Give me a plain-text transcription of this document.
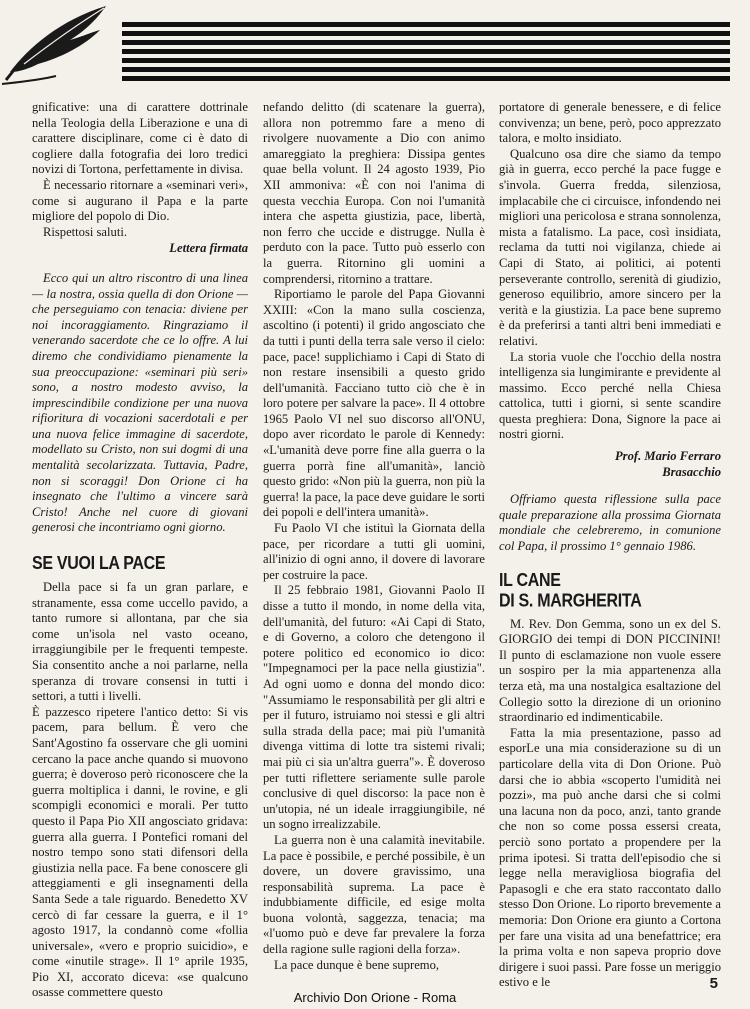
gnificative: una di carattere dottrinale nella Teologia della Liberazione e una di carattere disciplinare, come ci è dato di cogliere dalla fotografia dei loro tredici novizi di Tortona, perfettamente in divisa.

È necessario ritornare a «seminari veri», come si augurano il Papa e la parte migliore del popolo di Dio.

Rispettosi saluti.

Lettera firmata

Ecco qui un altro riscontro di una linea — la nostra, ossia quella di don Orione — che perseguiamo con tenacia: diviene per noi incoraggiamento. Ringraziamo il venerando sacerdote che ce lo offre. A lui diremo che condividiamo pienamente la sua preoccupazione: «seminari più seri» sono, a nostro modesto avviso, la imprescindibile condizione per una nuova rifioritura di vocazioni sacerdotali e per una nuova felice immagine di sacerdote, modellato su Cristo, non sui dogmi di una mentalità secolarizzata. Tuttavia, Padre, non si scoraggi! Don Orione ci ha insegnato che l'ultimo a vincere sarà Cristo! Anche nel cuore di giovani generosi che incontriamo ogni giorno.

SE VUOI LA PACE

Della pace si fa un gran parlare, e stranamente, essa come uccello pavido, a tanto rumore si allontana, par che sia come un'isola nel vasto oceano, irraggiungibile per le frequenti tempeste. Sia consentito anche a noi parlarne, nella speranza di trovare consensi in tutti i settori, a tutti i livelli.

È pazzesco ripetere l'antico detto: Si vis pacem, para bellum. È vero che Sant'Agostino fa osservare che gli uomini cercano la pace anche quando si muovono guerra; è doveroso però riconoscere che la guerra moltiplica i danni, le rovine, e gli scompigli economici e morali. Per tutto questo il Papa Pio XII angosciato gridava: guerra alla guerra. I Pontefici romani del nostro tempo sono stati difensori della giustizia nella pace. Fa bene conoscere gli atteggiamenti e gli insegnamenti della Santa Sede a tale riguardo. Benedetto XV cercò di far cessare la guerra, e il 1° agosto 1917, la condannò come «follia universale», «vero e proprio suicidio», e come «inutile strage». Il 1° aprile 1935, Pio XI, accorato diceva: «se qualcuno osasse commettere questo

nefando delitto (di scatenare la guerra), allora non potremmo fare a meno di rivolgere nuovamente a Dio con animo amareggiato la preghiera: Dissipa gentes quae bella volunt. Il 24 agosto 1939, Pio XII ammoniva: «È con noi l'anima di questa vecchia Europa. Con noi l'umanità intera che aspetta giustizia, pace, libertà, non ferro che uccide e distrugge. Nulla è perduto con la pace. Tutto può esserlo con la guerra. Ritornino gli uomini a comprendersi, ritornino a trattare.

Riportiamo le parole del Papa Giovanni XXIII: «Con la mano sulla coscienza, ascoltino (i potenti) il grido angosciato che da tutti i punti della terra sale verso il cielo: pace, pace! supplichiamo i Capi di Stato di non restare insensibili a questo grido dell'umanità. Facciano tutto ciò che è in loro potere per salvare la pace». Il 4 ottobre 1965 Paolo VI nel suo discorso all'ONU, dopo aver ricordato le parole di Kennedy: «L'umanità deve porre fine alla guerra o la guerra porrà fine all'umanità», lanciò questo grido: «Non più la guerra, non più la guerra! la pace, la pace deve guidare le sorti dei popoli e dell'intera umanità».

Fu Paolo VI che istituì la Giornata della pace, per ricordare a tutti gli uomini, all'inizio di ogni anno, il dovere di lavorare per costruire la pace.

Il 25 febbraio 1981, Giovanni Paolo II disse a tutto il mondo, in nome della vita, dell'umanità, del futuro: «Ai Capi di Stato, e di Governo, a coloro che detengono il potere politico ed economico io dico: "Impegnamoci per la pace nella giustizia". Ad ogni uomo e donna del mondo dico: "Assumiamo le responsabilità per gli altri e per il futuro, istruiamo noi stessi e gli altri sulla strada della pace; mai più l'umanità divenga vittima di lotte tra sistemi rivali; mai più ci sia un'altra guerra"». È doveroso per tutti riflettere seriamente sulle parole conclusive di quel discorso: la pace non è un'utopia, né un ideale irraggiungibile, né un sogno irrealizzabile.

La guerra non è una calamità inevitabile. La pace è possibile, e perché possibile, è un dovere, un dovere gravissimo, una responsabilità suprema. La pace è indubbiamente difficile, ed esige molta buona volontà, saggezza, tenacia; ma «l'uomo può e deve far prevalere la forza della ragione sulle ragioni della forza».

La pace dunque è bene supremo,

portatore di generale benessere, e di felice convivenza; un bene, però, poco apprezzato talora, e molto insidiato.

Qualcuno osa dire che siamo da tempo già in guerra, ecco perché la pace fugge e s'invola. Guerra fredda, silenziosa, implacabile che ci circuisce, infondendo nei migliori una pericolosa e strana sonnolenza, mista a fatalismo. La pace, così insidiata, reclama da tutti noi vigilanza, chiede ai Capi di Stato, ai politici, ai potenti perseverante controllo, serenità di giudizio, generoso equilibrio, amore sincero per la verità e la giustizia. La pace bene supremo è da preferirsi a tanti altri beni immediati e relativi.

La storia vuole che l'occhio della nostra intelligenza sia lungimirante e previdente al massimo. Ecco perché nella Chiesa cattolica, tutti i giorni, si sente scandire questa preghiera: Dona, Signore la pace ai nostri giorni.

Prof. Mario Ferraro

Brasacchio

Offriamo questa riflessione sulla pace quale preparazione alla prossima Giornata mondiale che celebreremo, in comunione col Papa, il prossimo 1° gennaio 1986.

IL CANE
DI S. MARGHERITA

M. Rev. Don Gemma, sono un ex del S. GIORGIO dei tempi di DON PICCININI! Il punto di esclamazione non vuole essere un sospiro per la mia appartenenza alla terza età, ma una nostalgica esaltazione del Collegio sotto la direzione di un orionino straordinario ed indimenticabile.

Fatta la mia presentazione, passo ad esporLe una mia considerazione su di un particolare della vita di Don Orione. Può darsi che io abbia «scoperto l'umidità nei pozzi», ma può anche darsi che si colmi una lacuna non da poco, anzi, tanto grande che non so come possa essersi creata, perciò sono portato a propendere per la prima ipotesi. Si tratta dell'episodio che si legge nella meravigliosa biografia del Papasogli e che era stato raccontato dallo stesso Don Orione. Lo riporto brevemente a memoria: Don Orione era giunto a Cortona per fare una visita ad una benefattrice; era la prima volta e non sapeva proprio dove dirigere i suoi passi. Pare fosse un meriggio estivo e le	5
Archivio Don Orione - Roma
